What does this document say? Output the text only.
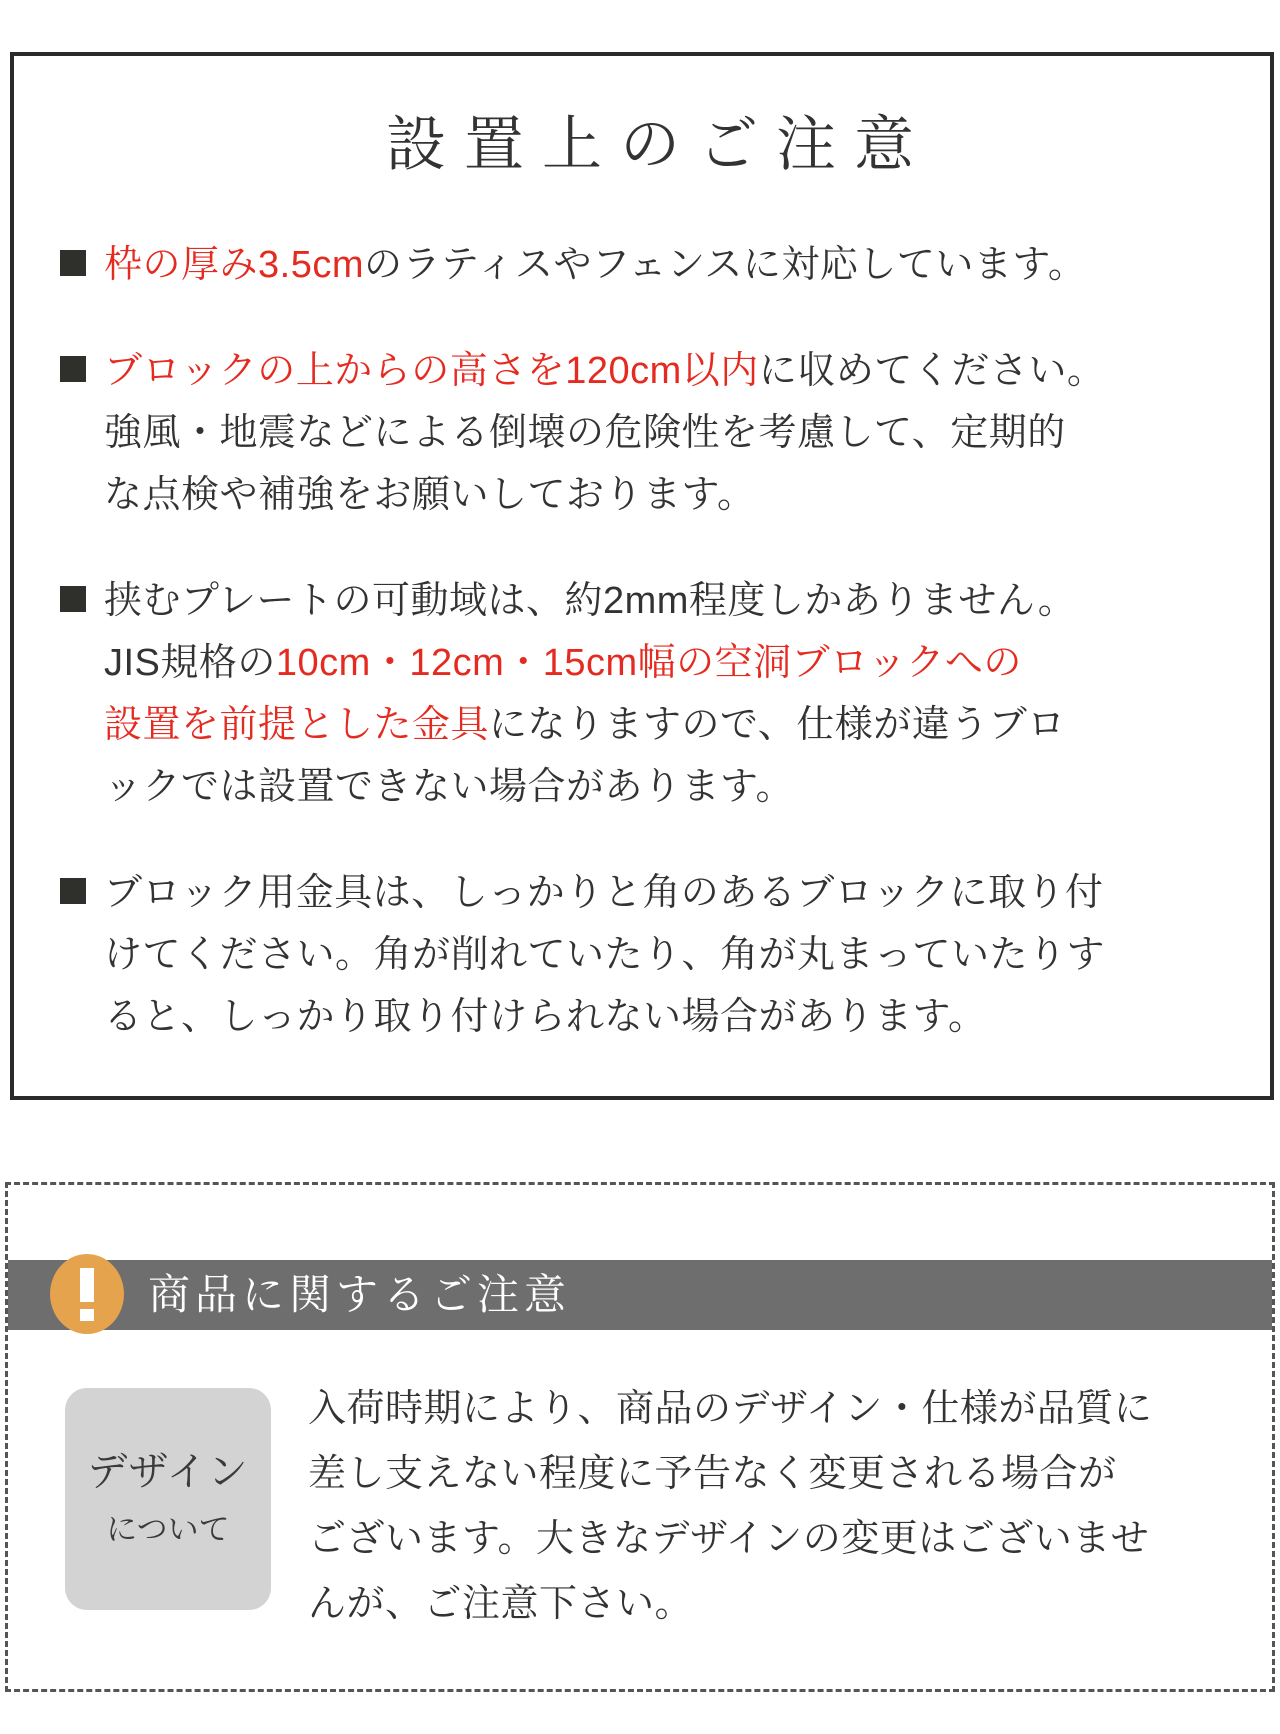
設置上のご注意
枠の厚み3.5cmのラティスやフェンスに対応しています。
ブロックの上からの高さを120cm以内に収めてください。
強風・地震などによる倒壊の危険性を考慮して、定期的
な点検や補強をお願いしております。
挟むプレートの可動域は、約2mm程度しかありません。
JIS規格の10cm・12cm・15cm幅の空洞ブロックへの
設置を前提とした金具になりますので、仕様が違うブロ
ックでは設置できない場合があります。
ブロック用金具は、しっかりと角のあるブロックに取り付
けてください。角が削れていたり、角が丸まっていたりす
ると、しっかり取り付けられない場合があります。
商品に関するご注意
デザイン
について

入荷時期により、商品のデザイン・仕様が品質に
差し支えない程度に予告なく変更される場合が
ございます。大きなデザインの変更はございませ
んが、ご注意下さい。
